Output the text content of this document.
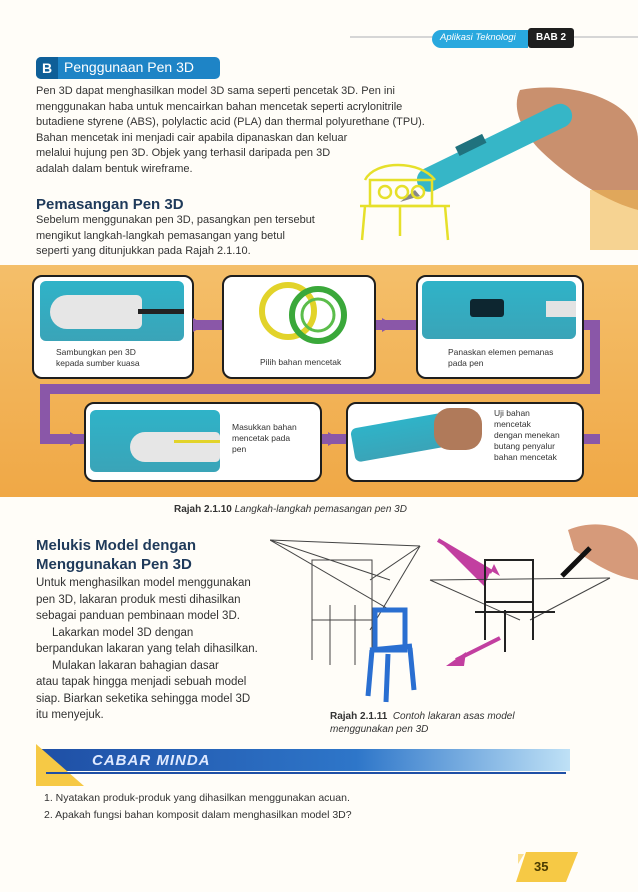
Aplikasi Teknologi BAB 2
B Penggunaan Pen 3D
Pen 3D dapat menghasilkan model 3D sama seperti pencetak 3D. Pen ini
menggunakan haba untuk mencairkan bahan mencetak seperti acrylonitrile
butadiene styrene (ABS), polylactic acid (PLA) dan thermal polyurethane (TPU).
Bahan mencetak ini menjadi cair apabila dipanaskan dan keluar
melalui hujung pen 3D. Objek yang terhasil daripada pen 3D
adalah dalam bentuk wireframe.
Pemasangan Pen 3D
Sebelum menggunakan pen 3D, pasangkan pen tersebut
mengikut langkah-langkah pemasangan yang betul
seperti yang ditunjukkan pada Rajah 2.1.10.
Sambungkan pen 3D
kepada sumber kuasa	Pilih bahan mencetak
Panaskan elemen pemanas
pada pen
Masukkan bahan
mencetak pada
pen
Uji bahan
mencetak
dengan menekan
butang penyalur
bahan mencetak
Rajah 2.1.10 Langkah-langkah pemasangan pen 3D
Melukis Model dengan
Menggunakan Pen 3D
Untuk menghasilkan model menggunakan
pen 3D, lakaran produk mesti dihasilkan
sebagai panduan pembinaan model 3D.
Lakarkan model 3D dengan
berpandukan lakaran yang telah dihasilkan.
Mulakan lakaran bahagian dasar
atau tapak hingga menjadi sebuah model
siap. Biarkan seketika sehingga model 3D
itu menyejuk.	Rajah 2.1.11 Contoh lakaran asas model
menggunakan pen 3D
CABAR MINDA
1. Nyatakan produk-produk yang dihasilkan menggunakan acuan.
2. Apakah fungsi bahan komposit dalam menghasilkan model 3D?
35
